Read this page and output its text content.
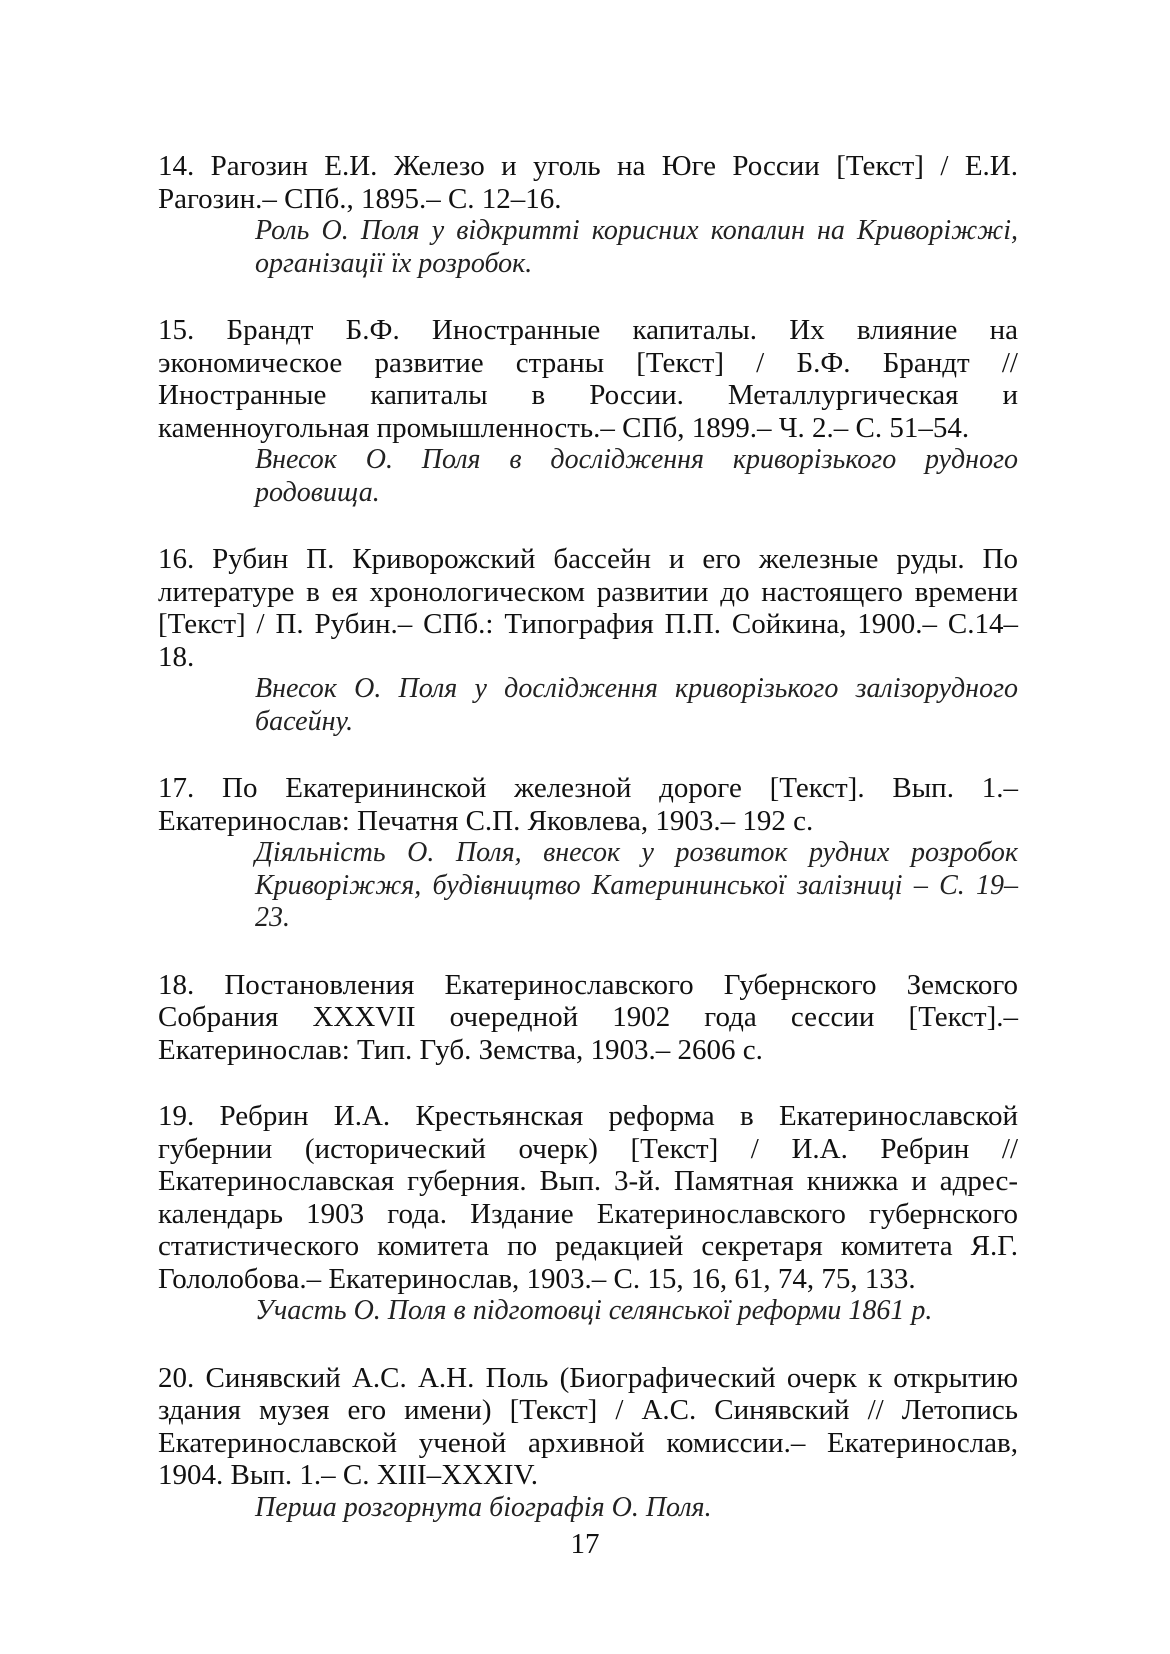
14. Рагозин Е.И. Железо и уголь на Юге России [Текст] / Е.И. Рагозин.– СПб., 1895.– С. 12–16.

Роль О. Поля у відкритті корисних копалин на Криворіжжі, організації їх розробок.

15. Брандт Б.Ф. Иностранные капиталы. Их влияние на экономическое развитие страны [Текст] / Б.Ф. Брандт // Иностранные капиталы в России. Металлургическая и каменноугольная промышленность.– СПб, 1899.– Ч. 2.– С. 51–54.

Внесок О. Поля в дослідження криворізького рудного родовища.

16. Рубин П. Криворожский бассейн и его железные руды. По литературе в ея хронологическом развитии до настоящего времени [Текст] / П. Рубин.– СПб.: Типография П.П. Сойкина, 1900.– С.14–18.

Внесок О. Поля у дослідження криворізького залізорудного басейну.

17. По Екатерининской железной дороге [Текст]. Вып. 1.– Екатеринослав: Печатня С.П. Яковлева, 1903.– 192 с.

Діяльність О. Поля, внесок у розвиток рудних розробок Криворіжжя, будівництво Катерининської залізниці – С. 19–23.

18. Постановления Екатеринославского Губернского Земского Собрания XXXVII очередной 1902 года сессии [Текст].– Екатеринослав: Тип. Губ. Земства, 1903.– 2606 с.

19. Ребрин И.А. Крестьянская реформа в Екатеринославской губернии (исторический очерк) [Текст] / И.А. Ребрин // Екатеринославская губерния. Вып. 3-й. Памятная книжка и адрес-календарь 1903 года. Издание Екатеринославского губернского статистического комитета по редакцией секретаря комитета Я.Г. Гололобова.– Екатеринослав, 1903.– С. 15, 16, 61, 74, 75, 133.

Участь О. Поля в підготовці селянської реформи 1861 р.

20. Синявский А.С. А.Н. Поль (Биографический очерк к открытию здания музея его имени) [Текст] / А.С. Синявский // Летопись Екатеринославской ученой архивной комиссии.– Екатеринослав, 1904. Вып. 1.– С. XIII–XXXIV.

Перша розгорнута біографія О. Поля.

17
